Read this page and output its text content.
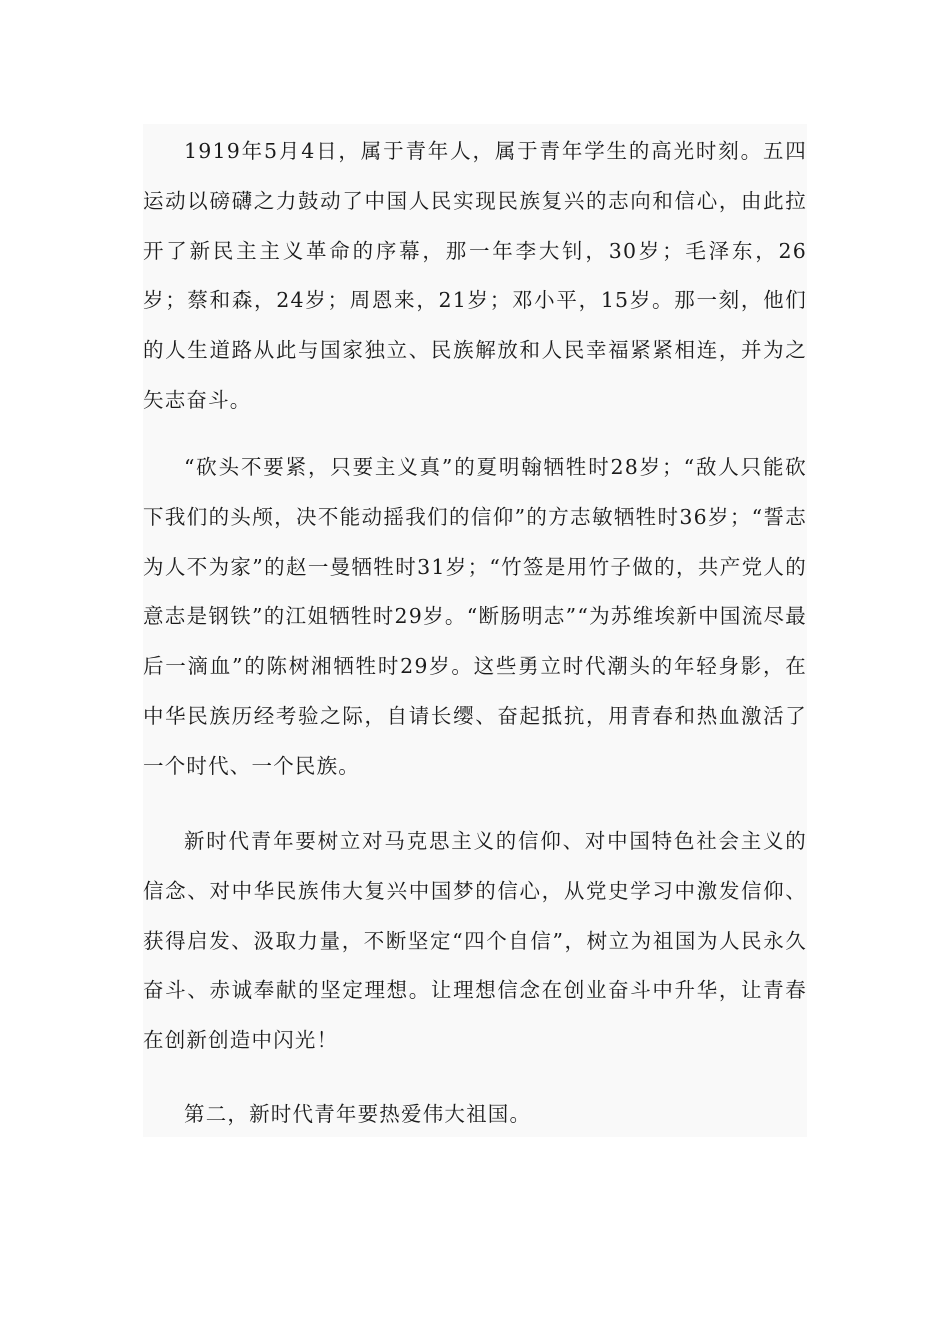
1919年5月4日，属于青年人，属于青年学生的高光时刻。五四运动以磅礴之力鼓动了中国人民实现民族复兴的志向和信心，由此拉开了新民主主义革命的序幕，那一年李大钊，30岁；毛泽东，26岁；蔡和森，24岁；周恩来，21岁；邓小平，15岁。那一刻，他们的人生道路从此与国家独立、民族解放和人民幸福紧紧相连，并为之矢志奋斗。

“砍头不要紧，只要主义真”的夏明翰牺牲时28岁；“敌人只能砍下我们的头颅，决不能动摇我们的信仰”的方志敏牺牲时36岁；“誓志为人不为家”的赵一曼牺牲时31岁；“竹签是用竹子做的，共产党人的意志是钢铁”的江姐牺牲时29岁。“断肠明志”“为苏维埃新中国流尽最后一滴血”的陈树湘牺牲时29岁。这些勇立时代潮头的年轻身影，在中华民族历经考验之际，自请长缨、奋起抵抗，用青春和热血激活了一个时代、一个民族。

新时代青年要树立对马克思主义的信仰、对中国特色社会主义的信念、对中华民族伟大复兴中国梦的信心，从党史学习中激发信仰、获得启发、汲取力量，不断坚定“四个自信”，树立为祖国为人民永久奋斗、赤诚奉献的坚定理想。让理想信念在创业奋斗中升华，让青春在创新创造中闪光！

第二，新时代青年要热爱伟大祖国。
